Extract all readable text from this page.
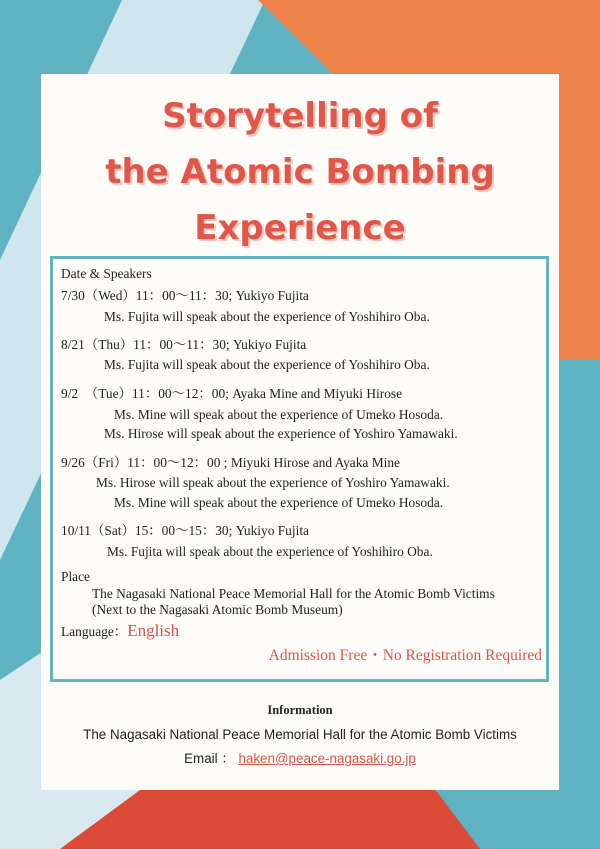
Storytelling of
the Atomic Bombing
Experience
Date & Speakers
7/30（Wed）11：00〜11：30; Yukiyo Fujita
Ms. Fujita will speak about the experience of Yoshihiro Oba.
8/21（Thu）11：00〜11：30; Yukiyo Fujita
Ms. Fujita will speak about the experience of Yoshihiro Oba.
9/2　（Tue）11：00〜12：00; Ayaka Mine and Miyuki Hirose
Ms. Mine will speak about the experience of Umeko Hosoda.
Ms. Hirose will speak about the experience of Yoshiro Yamawaki.
9/26（Fri）11：00〜12：00 ; Miyuki Hirose and Ayaka Mine
Ms. Hirose will speak about the experience of Yoshiro Yamawaki.
Ms. Mine will speak about the experience of Umeko Hosoda.
10/11（Sat）15：00〜15：30; Yukiyo Fujita
Ms. Fujita will speak about the experience of Yoshihiro Oba.
Place
The Nagasaki National Peace Memorial Hall for the Atomic Bomb Victims
(Next to the Nagasaki Atomic Bomb Museum)
Language：English
Admission Free・No Registration Required
Information
The Nagasaki National Peace Memorial Hall for the Atomic Bomb Victims
Email ： haken@peace-nagasaki.go.jp
